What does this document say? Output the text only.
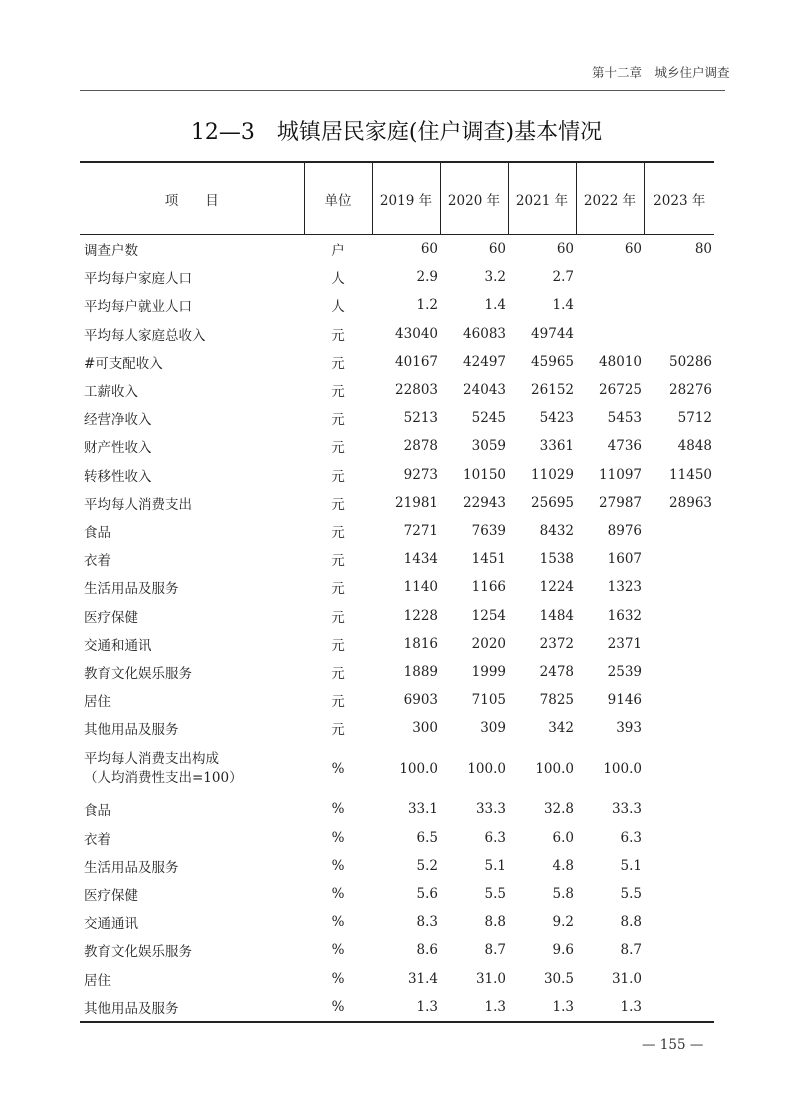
第十二章　城乡住户调查
12—3　城镇居民家庭(住户调查)基本情况
项　　目	单位	2019 年	2020 年	2021 年	2022 年	2023 年
调查户数	户	60	60	60	60	80
平均每户家庭人口	人	2.9	3.2	2.7		
平均每户就业人口	人	1.2	1.4	1.4		
平均每人家庭总收入	元	43040	46083	49744		
#可支配收入	元	40167	42497	45965	48010	50286
工薪收入	元	22803	24043	26152	26725	28276
经营净收入	元	5213	5245	5423	5453	5712
财产性收入	元	2878	3059	3361	4736	4848
转移性收入	元	9273	10150	11029	11097	11450
平均每人消费支出	元	21981	22943	25695	27987	28963
食品	元	7271	7639	8432	8976	
衣着	元	1434	1451	1538	1607	
生活用品及服务	元	1140	1166	1224	1323	
医疗保健	元	1228	1254	1484	1632	
交通和通讯	元	1816	2020	2372	2371	
教育文化娱乐服务	元	1889	1999	2478	2539	
居住	元	6903	7105	7825	9146	
其他用品及服务	元	300	309	342	393	

平均每人消费支出构成
（人均消费性支出=100）	%	100.0	100.0	100.0	100.0	
食品	%	33.1	33.3	32.8	33.3	
衣着	%	6.5	6.3	6.0	6.3	
生活用品及服务	%	5.2	5.1	4.8	5.1	
医疗保健	%	5.6	5.5	5.8	5.5	
交通通讯	%	8.3	8.8	9.2	8.8	
教育文化娱乐服务	%	8.6	8.7	9.6	8.7	
居住	%	31.4	31.0	30.5	31.0	
其他用品及服务	%	1.3	1.3	1.3	1.3	
— 155 —
